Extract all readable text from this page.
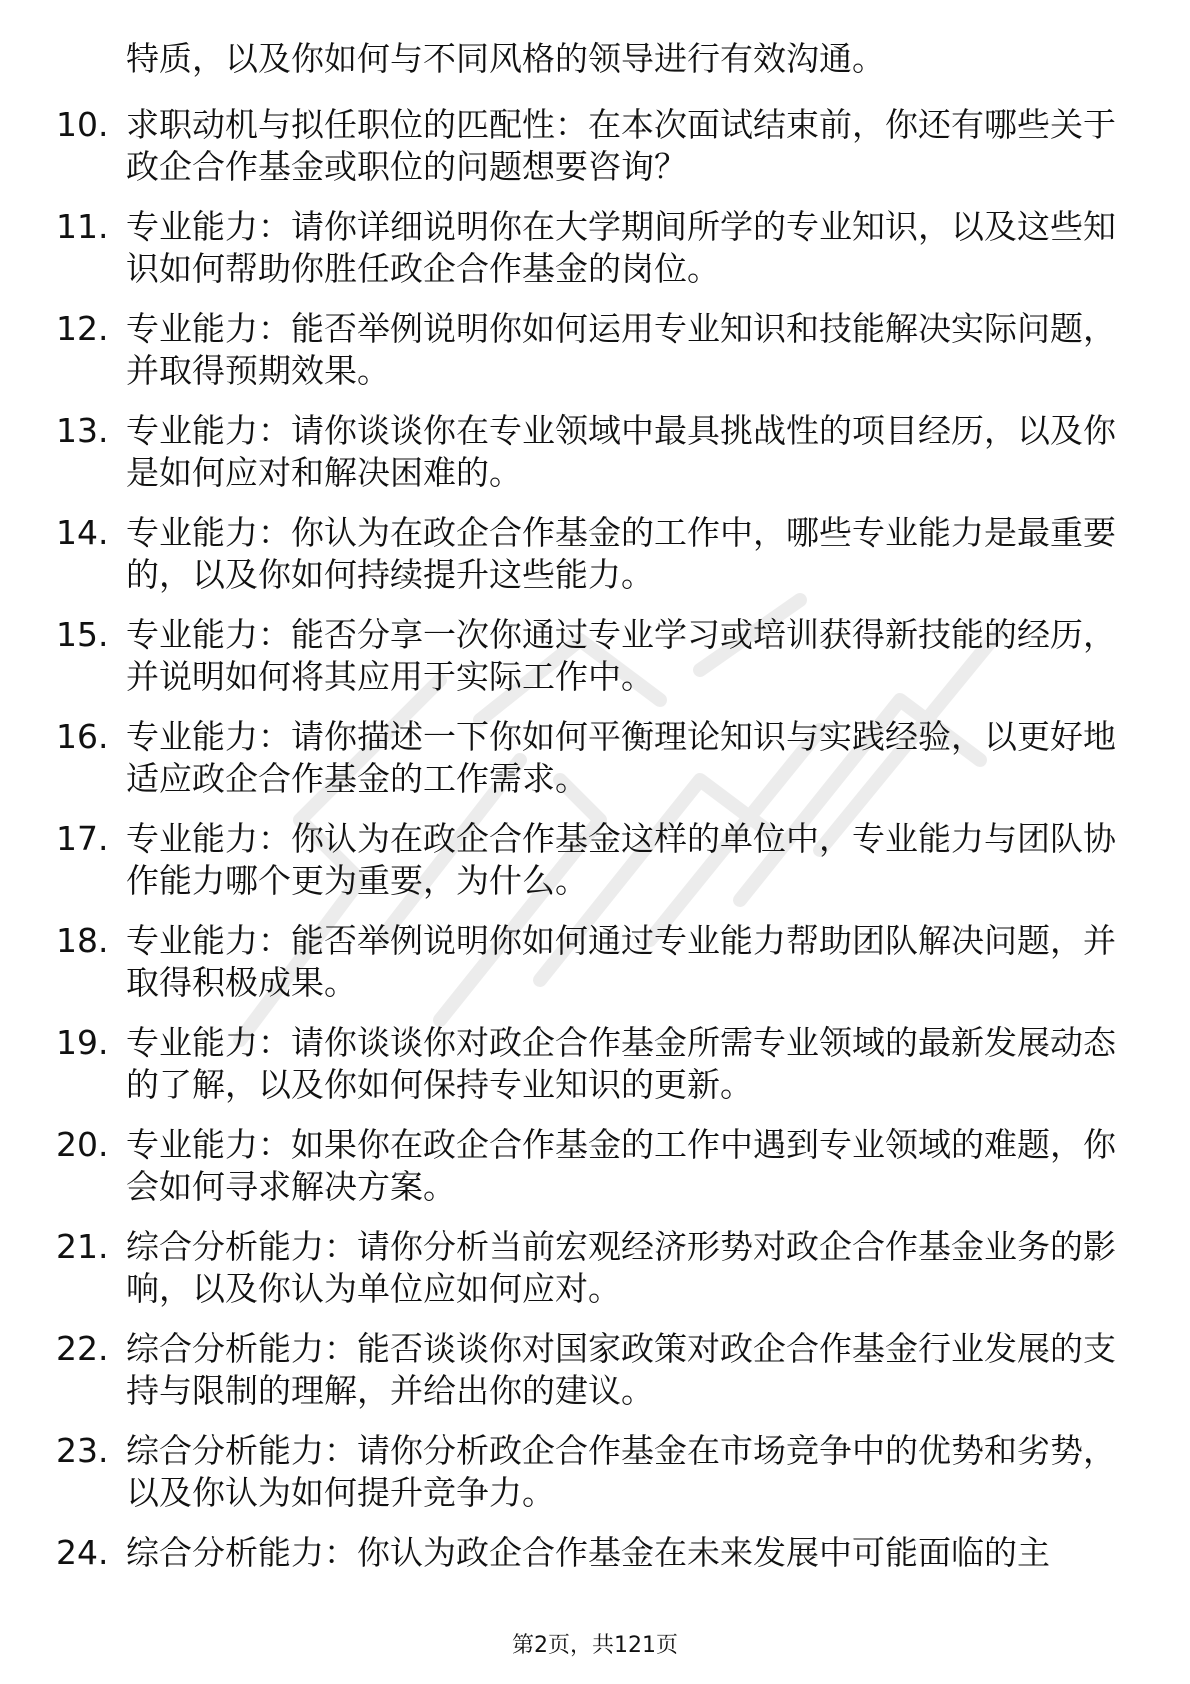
特质，以及你如何与不同风格的领导进行有效沟通。
10. 求职动机与拟任职位的匹配性：在本次面试结束前，你还有哪些关于政企合作基金或职位的问题想要咨询？
11. 专业能力：请你详细说明你在大学期间所学的专业知识，以及这些知识如何帮助你胜任政企合作基金的岗位。
12. 专业能力：能否举例说明你如何运用专业知识和技能解决实际问题，并取得预期效果。
13. 专业能力：请你谈谈你在专业领域中最具挑战性的项目经历，以及你是如何应对和解决困难的。
14. 专业能力：你认为在政企合作基金的工作中，哪些专业能力是最重要的，以及你如何持续提升这些能力。
15. 专业能力：能否分享一次你通过专业学习或培训获得新技能的经历，并说明如何将其应用于实际工作中。
16. 专业能力：请你描述一下你如何平衡理论知识与实践经验，以更好地适应政企合作基金的工作需求。
17. 专业能力：你认为在政企合作基金这样的单位中，专业能力与团队协作能力哪个更为重要，为什么。
18. 专业能力：能否举例说明你如何通过专业能力帮助团队解决问题，并取得积极成果。
19. 专业能力：请你谈谈你对政企合作基金所需专业领域的最新发展动态的了解，以及你如何保持专业知识的更新。
20. 专业能力：如果你在政企合作基金的工作中遇到专业领域的难题，你会如何寻求解决方案。
21. 综合分析能力：请你分析当前宏观经济形势对政企合作基金业务的影响，以及你认为单位应如何应对。
22. 综合分析能力：能否谈谈你对国家政策对政企合作基金行业发展的支持与限制的理解，并给出你的建议。
23. 综合分析能力：请你分析政企合作基金在市场竞争中的优势和劣势，以及你认为如何提升竞争力。
24. 综合分析能力：你认为政企合作基金在未来发展中可能面临的主
第2页，共121页
